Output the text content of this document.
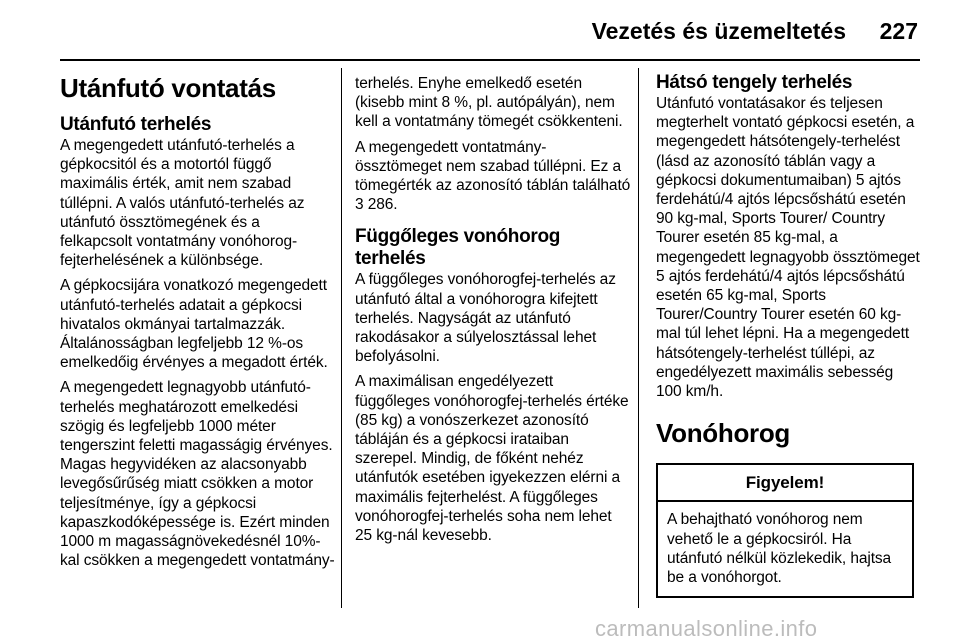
Vezetés és üzemeltetés 227
Utánfutó vontatás
Utánfutó terhelés

A megengedett utánfutó-terhelés a gépkocsitól és a motortól függő maximális érték, amit nem szabad túllépni. A valós utánfutó-terhelés az utánfutó össztömegének és a felkapcsolt vontatmány vonóhorog-fejterhelésének a különbsége.

A gépkocsijára vonatkozó megengedett utánfutó-terhelés adatait a gépkocsi hivatalos okmányai tartalmazzák. Általánosságban legfeljebb 12 %-os emelkedőig érvényes a megadott érték.

A megengedett legnagyobb utánfutó-terhelés meghatározott emelkedési szögig és legfeljebb 1000 méter tengerszint feletti magasságig érvényes. Magas hegyvidéken az alacsonyabb levegősűrűség miatt csökken a motor teljesítménye, így a gépkocsi kapaszkodóképessége is. Ezért minden 1000 m magasságnövekedésnél 10%-kal csökken a megengedett vontatmány-

terhelés. Enyhe emelkedő esetén (kisebb mint 8 %, pl. autópályán), nem kell a vontatmány tömegét csökkenteni.

A megengedett vontatmány-össztömeget nem szabad túllépni. Ez a tömegérték az azonosító táblán található 3 286.

Függőleges vonóhorog terhelés

A függőleges vonóhorogfej-terhelés az utánfutó által a vonóhorogra kifejtett terhelés. Nagyságát az utánfutó rakodásakor a súlyelosztással lehet befolyásolni.

A maximálisan engedélyezett függőleges vonóhorogfej-terhelés értéke (85 kg) a vonószerkezet azonosító tábláján és a gépkocsi irataiban szerepel. Mindig, de főként nehéz utánfutók esetében igyekezzen elérni a maximális fejterhelést. A függőleges vonóhorogfej-terhelés soha nem lehet 25 kg-nál kevesebb.

Hátsó tengely terhelés

Utánfutó vontatásakor és teljesen megterhelt vontató gépkocsi esetén, a megengedett hátsótengely-terhelést (lásd az azonosító táblán vagy a gépkocsi dokumentumaiban) 5 ajtós ferdehátú/4 ajtós lépcsőshátú esetén 90 kg-mal, Sports Tourer/ Country Tourer esetén 85 kg-mal, a megengedett legnagyobb össztömeget 5 ajtós ferdehátú/4 ajtós lépcsőshátú esetén 65 kg-mal, Sports Tourer/Country Tourer esetén 60 kg-mal túl lehet lépni. Ha a megengedett hátsótengely-terhelést túllépi, az engedélyezett maximális sebesség 100 km/h.

Vonóhorog
Figyelem!
A behajtható vonóhorog nem vehető le a gépkocsiról. Ha utánfutó nélkül közlekedik, hajtsa be a vonóhorgot.
carmanualsonline.info
